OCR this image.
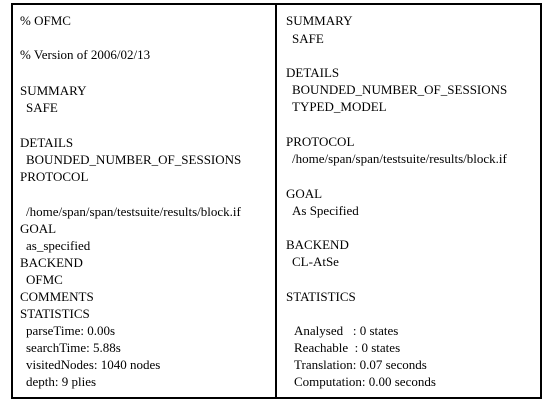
% OFMC

% Version of 2006/02/13

SUMMARY

SAFE

DETAILS

BOUNDED_NUMBER_OF_SESSIONS

PROTOCOL

/home/span/span/testsuite/results/block.if

GOAL

as_specified

BACKEND

OFMC

COMMENTS

STATISTICS

parseTime: 0.00s

searchTime: 5.88s

visitedNodes: 1040 nodes

depth: 9 plies

SUMMARY

SAFE

DETAILS

BOUNDED_NUMBER_OF_SESSIONS

TYPED_MODEL

PROTOCOL

/home/span/span/testsuite/results/block.if

GOAL

As Specified

BACKEND

CL-AtSe

STATISTICS

Analysed   : 0 states

Reachable  : 0 states

Translation: 0.07 seconds

Computation: 0.00 seconds
